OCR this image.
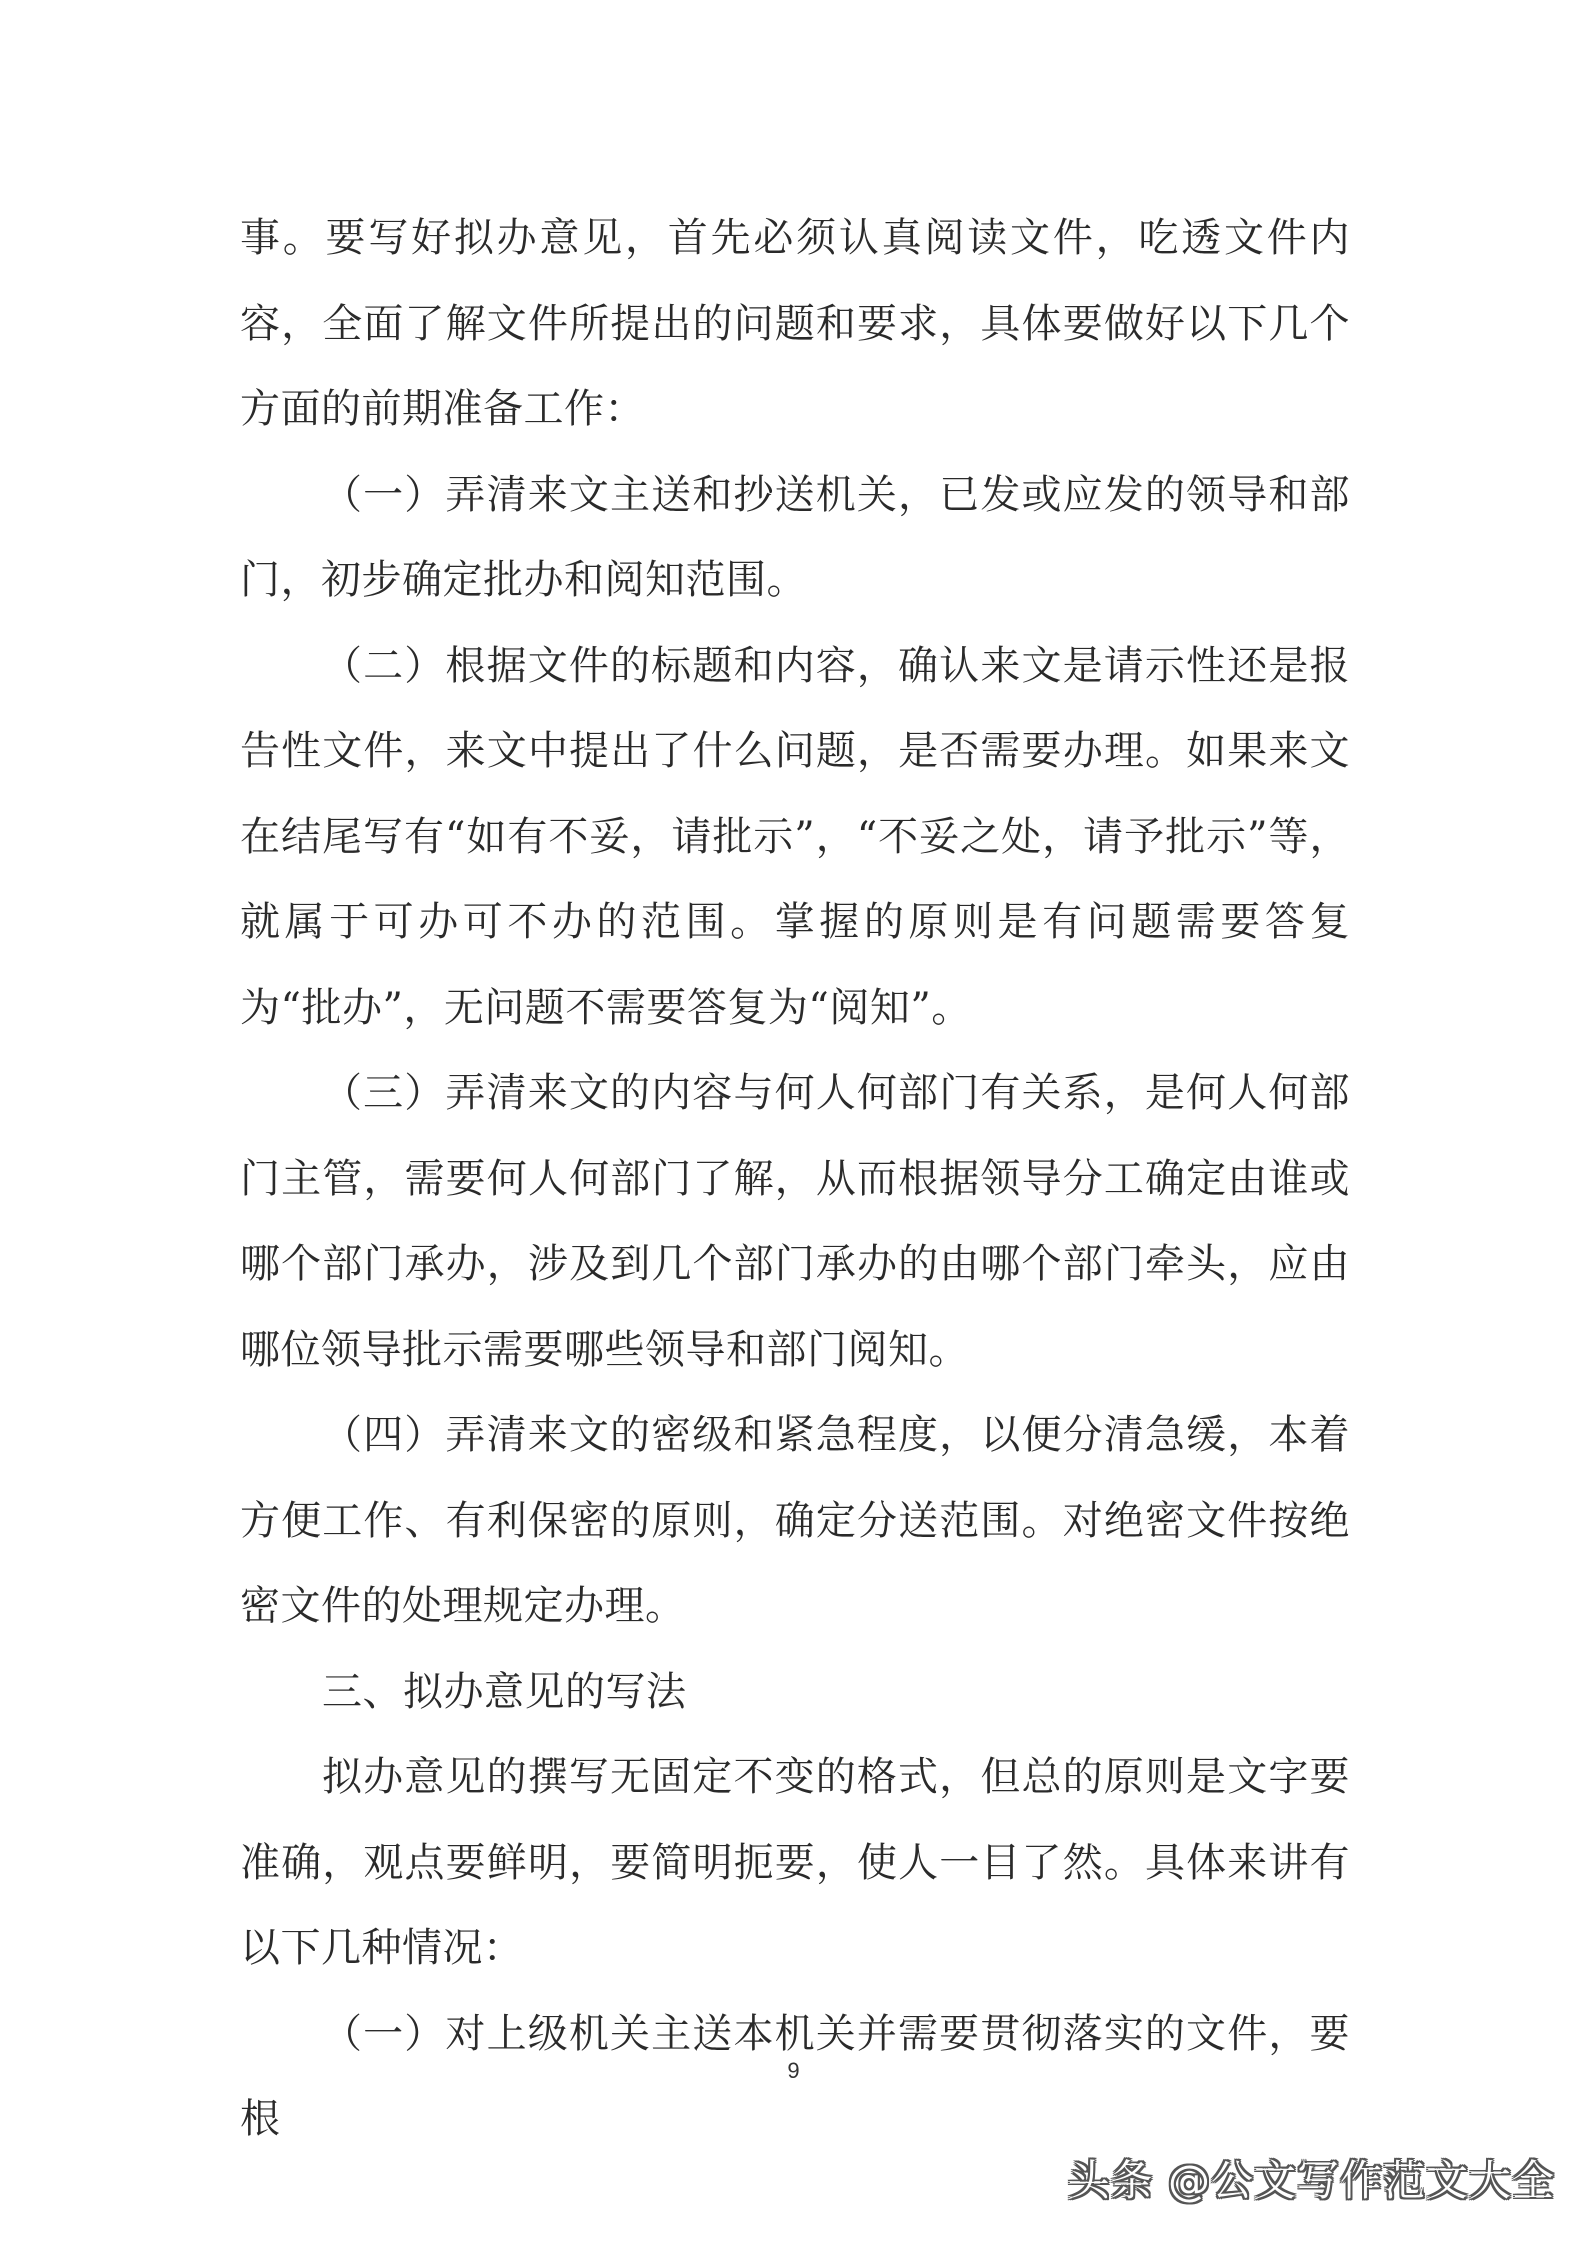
事。要写好拟办意见，首先必须认真阅读文件，吃透文件内容，全面了解文件所提出的问题和要求，具体要做好以下几个方面的前期准备工作：

（一）弄清来文主送和抄送机关，已发或应发的领导和部门，初步确定批办和阅知范围。

（二）根据文件的标题和内容，确认来文是请示性还是报告性文件，来文中提出了什么问题，是否需要办理。如果来文在结尾写有“如有不妥，请批示”，“不妥之处，请予批示”等，就属于可办可不办的范围。掌握的原则是有问题需要答复为“批办”，无问题不需要答复为“阅知”。

（三）弄清来文的内容与何人何部门有关系，是何人何部门主管，需要何人何部门了解，从而根据领导分工确定由谁或哪个部门承办，涉及到几个部门承办的由哪个部门牵头，应由哪位领导批示需要哪些领导和部门阅知。

（四）弄清来文的密级和紧急程度，以便分清急缓，本着方便工作、有利保密的原则，确定分送范围。对绝密文件按绝密文件的处理规定办理。

三、拟办意见的写法

拟办意见的撰写无固定不变的格式，但总的原则是文字要准确，观点要鲜明，要简明扼要，使人一目了然。具体来讲有以下几种情况：

（一）对上级机关主送本机关并需要贯彻落实的文件，要根

9
头条 @公文写作范文大全
